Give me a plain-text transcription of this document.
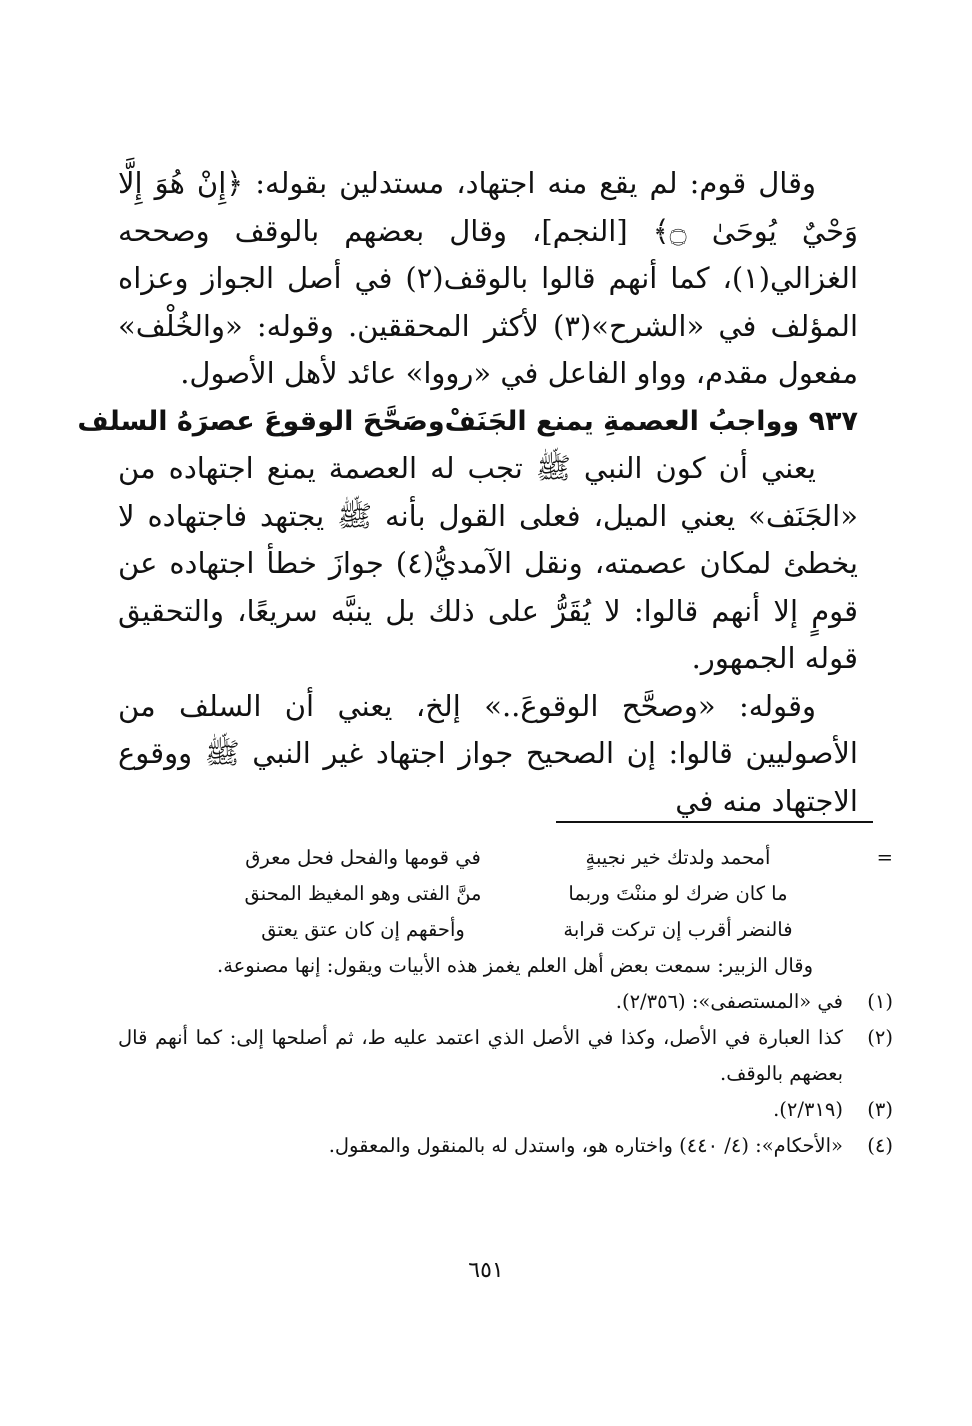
وقال قوم: لم يقع منه اجتهاد، مستدلين بقوله: ﴿إِنْ هُوَ إِلَّا وَحْيٌ يُوحَىٰ ۝﴾ [النجم]، وقال بعضهم بالوقف وصححه الغزالي(١)، كما أنهم قالوا بالوقف(٢) في أصل الجواز وعزاه المؤلف في «الشرح»(٣) لأكثر المحققين. وقوله: «والخُلْف» مفعول مقدم، وواو الفاعل في «رووا» عائد لأهل الأصول.

٩٣٧ وواجبُ العصمةِ يمنع الجَنَفْ
وصَحَّحَ الوقوعَ عصرَهُ السلف

يعني أن كون النبي ﷺ تجب له العصمة يمنع اجتهاده من «الجَنَف» يعني الميل، فعلى القول بأنه ﷺ يجتهد فاجتهاده لا يخطئ لمكان عصمته، ونقل الآمديُّ(٤) جوازَ خطأ اجتهاده عن قومٍ إلا أنهم قالوا: لا يُقَرُّ على ذلك بل ينبَّه سريعًا، والتحقيق قوله الجمهور.

وقوله: «وصحَّح الوقوعَ..» إلخ، يعني أن السلف من الأصوليين قالوا: إن الصحيح جواز اجتهاد غير النبي ﷺ ووقوع الاجتهاد منه في

=
أمحمد ولدتك خير نجيبةٍ
في قومها والفحل فحل معرق
ما كان ضرك لو مننْتَ وربما
منَّ الفتى وهو المغيظ المحنق
فالنضر أقرب إن تركت قرابة
وأحقهم إن كان عتق يعتق
وقال الزبير: سمعت بعض أهل العلم يغمز هذه الأبيات ويقول: إنها مصنوعة.
(١)
في «المستصفى»: (٢/٣٥٦).
(٢)
كذا العبارة في الأصل، وكذا في الأصل الذي اعتمد عليه ط، ثم أصلحها إلى: كما أنهم قال بعضهم بالوقف.
(٣)
(٢/٣١٩).
(٤)
«الأحكام»: (٤/ ٤٤٠) واختاره هو، واستدل له بالمنقول والمعقول.
٦٥١
